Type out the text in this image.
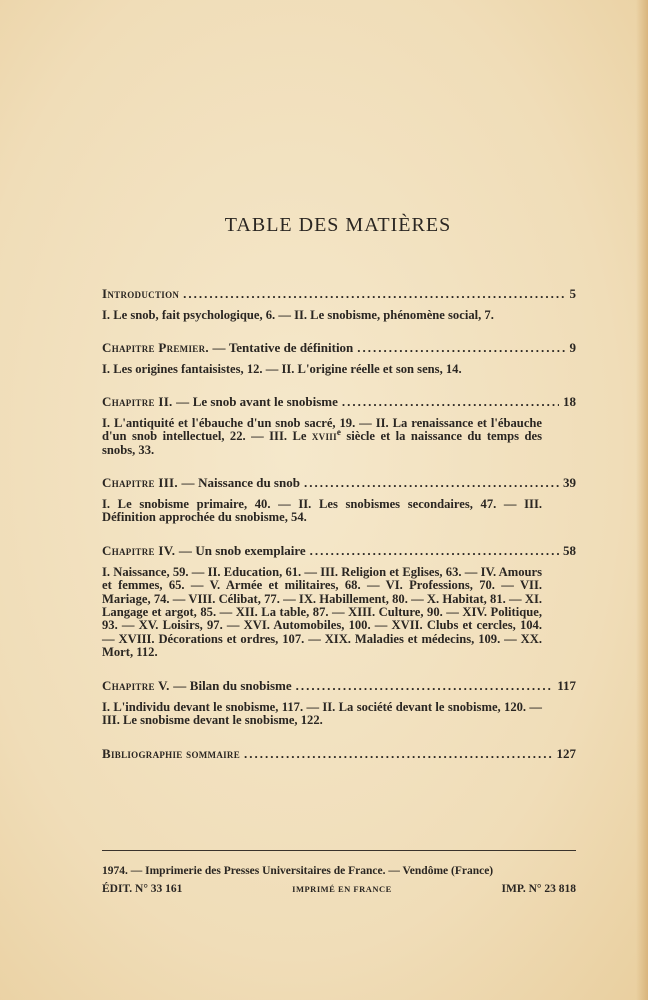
TABLE DES MATIÈRES
Introduction .....	5
I. Le snob, fait psychologique, 6. — II. Le snobisme, phénomène social, 7.
Chapitre Premier. — Tentative de définition .....	9
I. Les origines fantaisistes, 12. — II. L'origine réelle et son sens, 14.
Chapitre II. — Le snob avant le snobisme .....	18
I. L'antiquité et l'ébauche d'un snob sacré, 19. — II. La renaissance et l'ébauche d'un snob intellectuel, 22. — III. Le xviii$^e$ siècle et la naissance du temps des snobs, 33.
Chapitre III. — Naissance du snob .....	39
I. Le snobisme primaire, 40. — II. Les snobismes secondaires, 47. — III. Définition approchée du snobisme, 54.
Chapitre IV. — Un snob exemplaire .....	58
I. Naissance, 59. — II. Education, 61. — III. Religion et Eglises, 63. — IV. Amours et femmes, 65. — V. Armée et militaires, 68. — VI. Professions, 70. — VII. Mariage, 74. — VIII. Célibat, 77. — IX. Habillement, 80. — X. Habitat, 81. — XI. Langage et argot, 85. — XII. La table, 87. — XIII. Culture, 90. — XIV. Politique, 93. — XV. Loisirs, 97. — XVI. Automobiles, 100. — XVII. Clubs et cercles, 104. — XVIII. Décorations et ordres, 107. — XIX. Maladies et médecins, 109. — XX. Mort, 112.
Chapitre V. — Bilan du snobisme .....	117
I. L'individu devant le snobisme, 117. — II. La société devant le snobisme, 120. — III. Le snobisme devant le snobisme, 122.
Bibliographie sommaire .....	127
1974. — Imprimerie des Presses Universitaires de France. — Vendôme (France)
ÉDIT. N° 33 161	IMPRIMÉ EN FRANCE	IMP. N° 23 818
